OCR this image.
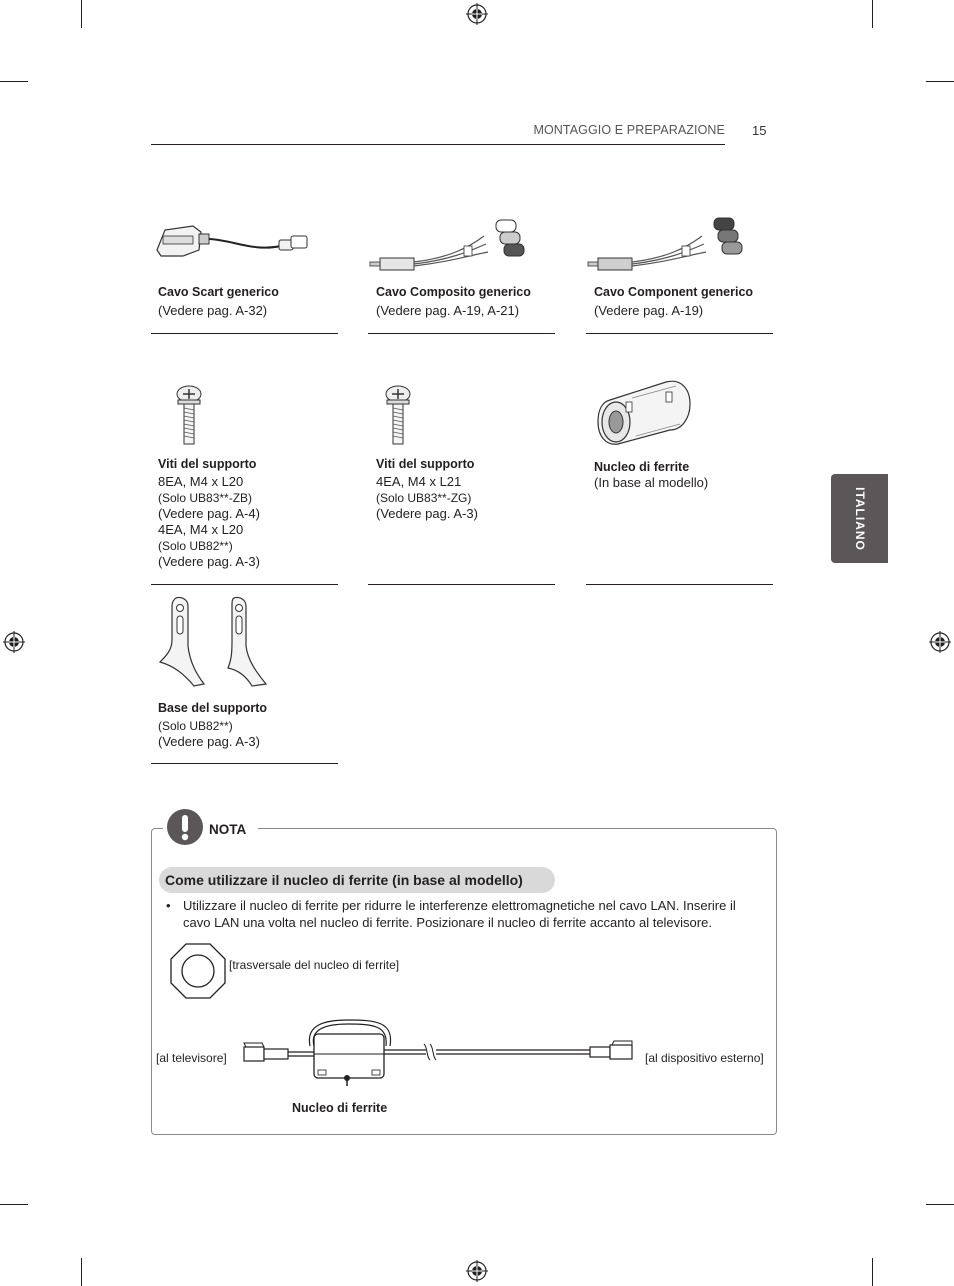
MONTAGGIO E PREPARAZIONE 15
ITALIANO
Cavo Scart generico
(Vedere pag. A-32)
Cavo Composito generico
(Vedere pag. A-19, A-21)
Cavo Component generico
(Vedere pag. A-19)
Viti del supporto
8EA, M4 x L20
(Solo UB83**-ZB)
(Vedere pag. A-4)
4EA, M4 x L20
(Solo UB82**)
(Vedere pag. A-3)
Viti del supporto
4EA, M4 x L21
(Solo UB83**-ZG)
(Vedere pag. A-3)
Nucleo di ferrite
(In base al modello)
Base del supporto
(Solo UB82**)
(Vedere pag. A-3)
NOTA
Come utilizzare il nucleo di ferrite (in base al modello)
• Utilizzare il nucleo di ferrite per ridurre le interferenze elettromagnetiche nel cavo LAN. Inserire il cavo LAN una volta nel nucleo di ferrite. Posizionare il nucleo di ferrite accanto al televisore.
[trasversale del nucleo di ferrite]
[al televisore]	[al dispositivo esterno]
Nucleo di ferrite
